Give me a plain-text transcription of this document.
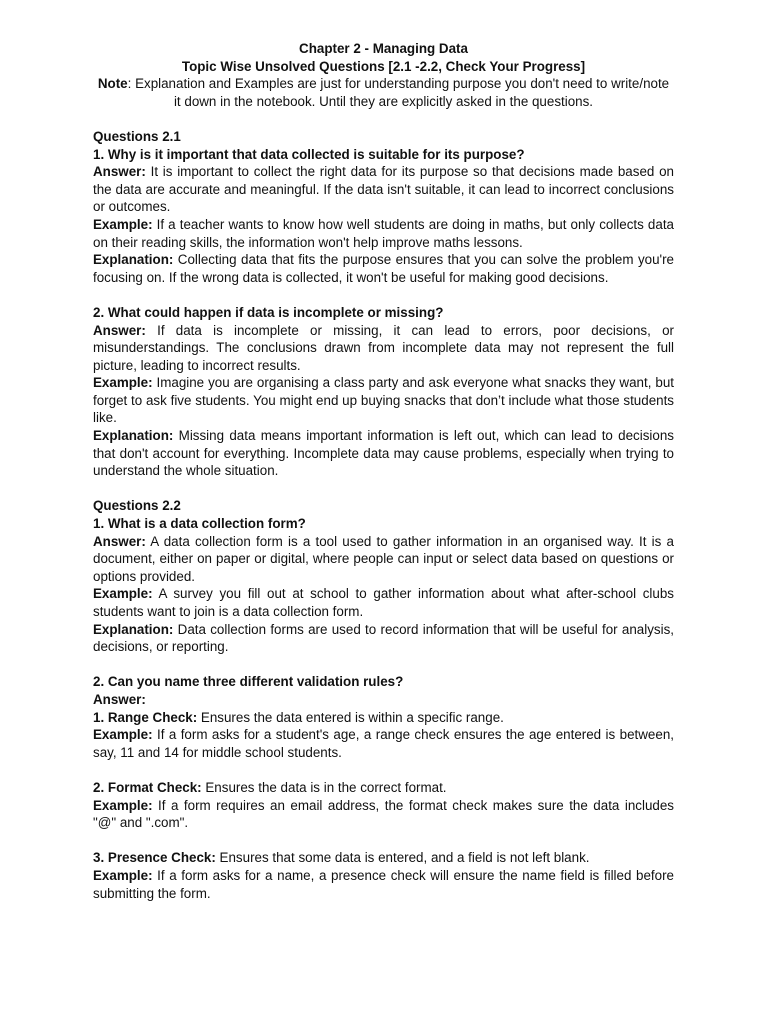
Chapter 2 - Managing Data

Topic Wise Unsolved Questions [2.1 -2.2, Check Your Progress]

Note: Explanation and Examples are just for understanding purpose you don't need to write/note it down in the notebook. Until they are explicitly asked in the questions.

Questions 2.1

1. Why is it important that data collected is suitable for its purpose?

Answer: It is important to collect the right data for its purpose so that decisions made based on the data are accurate and meaningful. If the data isn't suitable, it can lead to incorrect conclusions or outcomes.

Example: If a teacher wants to know how well students are doing in maths, but only collects data on their reading skills, the information won't help improve maths lessons.

Explanation: Collecting data that fits the purpose ensures that you can solve the problem you're focusing on. If the wrong data is collected, it won't be useful for making good decisions.

2. What could happen if data is incomplete or missing?

Answer: If data is incomplete or missing, it can lead to errors, poor decisions, or misunderstandings. The conclusions drawn from incomplete data may not represent the full picture, leading to incorrect results.

Example: Imagine you are organising a class party and ask everyone what snacks they want, but forget to ask five students. You might end up buying snacks that don’t include what those students like.

Explanation: Missing data means important information is left out, which can lead to decisions that don't account for everything. Incomplete data may cause problems, especially when trying to understand the whole situation.

Questions 2.2

1. What is a data collection form?

Answer: A data collection form is a tool used to gather information in an organised way. It is a document, either on paper or digital, where people can input or select data based on questions or options provided.

Example: A survey you fill out at school to gather information about what after-school clubs students want to join is a data collection form.

Explanation: Data collection forms are used to record information that will be useful for analysis, decisions, or reporting.

2. Can you name three different validation rules?

Answer:

1. Range Check: Ensures the data entered is within a specific range.

Example: If a form asks for a student's age, a range check ensures the age entered is between, say, 11 and 14 for middle school students.

2. Format Check: Ensures the data is in the correct format.

Example: If a form requires an email address, the format check makes sure the data includes "@" and ".com".

3. Presence Check: Ensures that some data is entered, and a field is not left blank.

Example: If a form asks for a name, a presence check will ensure the name field is filled before submitting the form.
